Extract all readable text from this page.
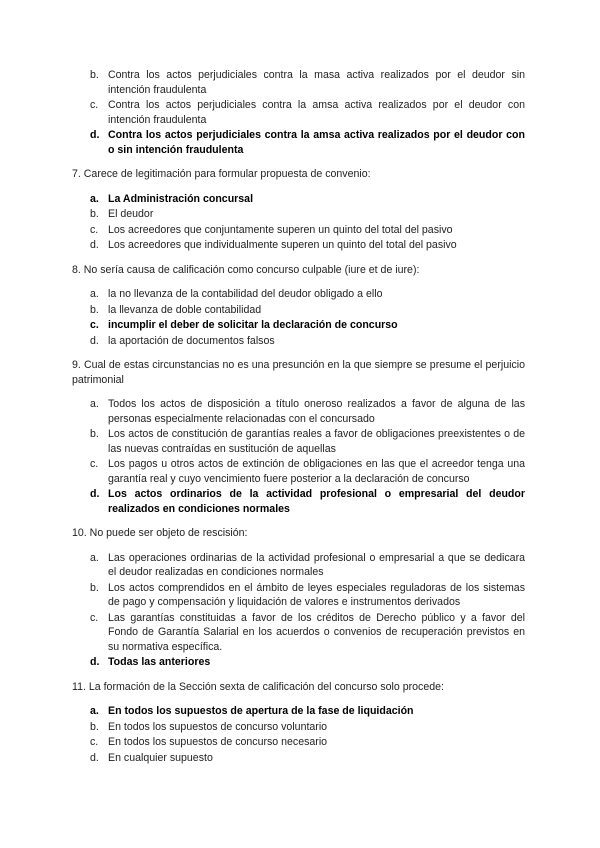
b. Contra los actos perjudiciales contra la masa activa realizados por el deudor sin intención fraudulenta
c. Contra los actos perjudiciales contra la amsa activa realizados por el deudor con intención fraudulenta
d. Contra los actos perjudiciales contra la amsa activa realizados por el deudor con o sin intención fraudulenta

7. Carece de legitimación para formular propuesta de convenio:

a. La Administración concursal
b. El deudor
c. Los acreedores que conjuntamente superen un quinto del total del pasivo
d. Los acreedores que individualmente superen un quinto del total del pasivo

8. No sería causa de calificación como concurso culpable (iure et de iure):

a. la no llevanza de la contabilidad del deudor obligado a ello
b. la llevanza de doble contabilidad
c. incumplir el deber de solicitar la declaración de concurso
d. la aportación de documentos falsos

9. Cual de estas circunstancias no es una presunción en la que siempre se presume el perjuicio patrimonial

a. Todos los actos de disposición a título oneroso realizados a favor de alguna de las personas especialmente relacionadas con el concursado
b. Los actos de constitución de garantías reales a favor de obligaciones preexistentes o de las nuevas contraídas en sustitución de aquellas
c. Los pagos u otros actos de extinción de obligaciones en las que el acreedor tenga una garantía real y cuyo vencimiento fuere posterior a la declaración de concurso
d. Los actos ordinarios de la actividad profesional o empresarial del deudor realizados en condiciones normales

10. No puede ser objeto de rescisión:

a. Las operaciones ordinarias de la actividad profesional o empresarial a que se dedicara el deudor realizadas en condiciones normales
b. Los actos comprendidos en el ámbito de leyes especiales reguladoras de los sistemas de pago y compensación y liquidación de valores e instrumentos derivados
c. Las garantías constituidas a favor de los créditos de Derecho público y a favor del Fondo de Garantía Salarial en los acuerdos o convenios de recuperación previstos en su normativa específica.
d. Todas las anteriores

11. La formación de la Sección sexta de calificación del concurso solo procede:

a. En todos los supuestos de apertura de la fase de liquidación
b. En todos los supuestos de concurso voluntario
c. En todos los supuestos de concurso necesario
d. En cualquier supuesto
